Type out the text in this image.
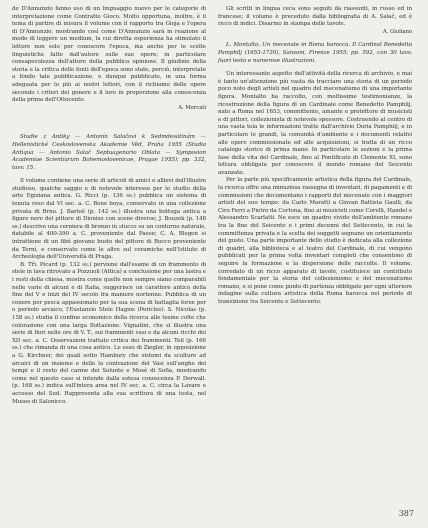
de D'Annunzio fanno uso di un linguaggio nuovo per le categorie di interpretazione come Contratto Gioco. Molto opportuna, inoltre, è il tema di partire di misura il volume con il rapporto tra Gioja e l'opera di D'Annunzio, mostrando così come D'Annunzio sarà in reazione al modo di leggere un medium, la cui diretta esperienza ha stimolato il lettore non solo per conoscere l'epoca, ma anche per le scelte linguistiche fatte dall'autore sulle sue opere; in particolare consapevolezza dell'attore della pubblica opinione. Il giudizio della storia e la critica delle fonti dell'epoca sono state, perciò, interpretate a fondo tale pubblicazione, e dunque pubblicato, in una forma adeguata per lo più ai nostri lettori, con il richiamo delle opere secondo i criteri del genere e il loro in proporzione alla conoscenza della prima dell'Ottocento.

A. Mercati

Studie z Antiky — Antonín Salačovi k Sedmdesátinám — Hellenistické Ceskoslovenska Akademie Věd, Praha 1955 (Studia Antiqua — Antonio Salač Septuagenario Oblata — Symposion Academiae Scientiarum Bohemoslovenicae, Pragae 1955); pp. 332, tavv. 15.

Il volume contiene una serie di articoli di amici e allievi dell'illustre studioso, qualche saggio e di notevole interesse per lo studio della arte Egiziana antica. G. Ricci (p. 136 ss.) pubblica un sistema di tenuta reso dal VI sec. a. C. Bene boya, conservato in una collezione privata di Brno. J. Bartoš (p. 142 ss.) illustra una bottega antica a figure nere del pittore di Dioniso con scene diverse; J. Bouzek (p. 148 ss.) descrive una cerniera di bronzo in stucco su un contorno naturale, databile al 400-390 a. C. proveniente dal Paese; C. A. Blegen si intrattiene di un fibè giovane busto del pittore di Rocco proveniente da Terni, e conservato come le altre sul ceramiche nell'Istituto di Archeologia dell'Università di Praga.

B. Tři. Picard (p. 132 ss.) perviene dall'esame di un frammento di stele in lava ritrovato a Pozzuoli (Attica) a conclusione per una lastra e i resti della chiesa, mostra come quelle non sempre siano comparabili nelle varie di alcuni e di Italia, suggerisce un carattere antico della fine del V e inizi del IV secolo fra maniere nortenne. Pubblica di un cenere per pesca appassionato per la sua scena di battaglia forse per o periodo arcaico, l'Eustanzio Stele Hagios (Pericles). S. Nicolas (p. 158 ss.) studia il confine economico della ricerca alle tesine colte che colorazione con una larga flottazione. Vignatini, che si illustra una serie di fiori nelle ore di V. T., sui frammenti vasi e da alcuni ricchi dei XII sec. a. C. Osservazioni trattato critica dei frammenti. Teil (p. 166 ss.) che rimanda di una cosa antico. Le esso di Ziegler, in opposizione a G. Kirchner, dei quali sotto Hambury che sistemi da sculture ad arcaici di un insieme e delle la contrazione del Vasi sull'anghe dei tempi e il resto del carme dei Solunto e Mosè di Sofia, mostrando come nel questo caso si intende dalla estesa conoscenza P. Derwall. (p. 168 ss.) indica sull'intera area nel IV sec. a. C. circa la Lavare e accesso del Sud. Rappresenta alla sua scrittura di una testa, nel Museo di Salonicco.

Gli scritti in lingua ceca sono seguiti da riassunti, in russo ed in francese; il volume è preceduto dalla bibliografia di A. Salač, ed è ricco di indici. Disarmo in stampa delle tavole.

A. Giuliano

L. Montalto, Un mecenate in Roma barocca. Il Cardinal Benedetto Pamphilj (1653-1730), Sansoni, Firenze 1955; pp. 592, con 30 tavv. fuori testo e numerose illustrazioni.

Un interessante aspetto dell'attività della ricerca di archivio, e mai è tanto un'attenzione più vasta da tracciare una storia di un periodo poco noto degli artisti nel quadro del mecenatismo di una importante figura. Montalto ha raccolto, con moltissime testimonianze, la ricostruzione della figura di un Cardinale come Benedetto Pamphilj, nato a Roma nel 1653, committente, amante e protettore di musicisti e di pittori, collezionista di notevole spessore. Costruendo al centro di una vasta tela le informazioni tratte dall'archivio Doria Pamphilj, e in particolare le grandi, la comunità d'ambiente e i documenti relativi alle opere commissionate ed alle acquisizioni, si tratta di un ricco catalogo storico di prima mano. In particolare le sezioni e la prima fase della vita del Cardinale, fino al Pontificato di Clemente XI, sono lettura obbligata per conoscere il mondo romano del Seicento avanzato.

Per la parte più specificamente artistica della figura del Cardinale, la ricerca offre una minuziosa rassegna di inventari, di pagamenti e di commissioni che documentano i rapporti del mecenate con i maggiori artisti del suo tempo: da Carlo Maratti a Giovan Battista Gaulli, da Ciro Ferri a Pietro da Cortona, fino ai musicisti come Corelli, Handel e Alessandro Scarlatti. Ne esce un quadro vivido dell'ambiente romano tra la fine del Seicento e i primi decenni del Settecento, in cui la committenza privata e la scelta dei soggetti segnano un orientamento del gusto. Una parte importante dello studio è dedicata alla collezione di quadri, alla biblioteca e al teatro del Cardinale, di cui vengono pubblicati per la prima volta inventari completi che consentono di seguire la formazione e la dispersione delle raccolte. Il volume, corredato di un ricco apparato di tavole, costituisce un contributo fondamentale per la storia del collezionismo e del mecenatismo romano, e si pone come punto di partenza obbligato per ogni ulteriore indagine sulla cultura artistica della Roma barocca nel periodo di transizione tra Seicento e Settecento.

387
